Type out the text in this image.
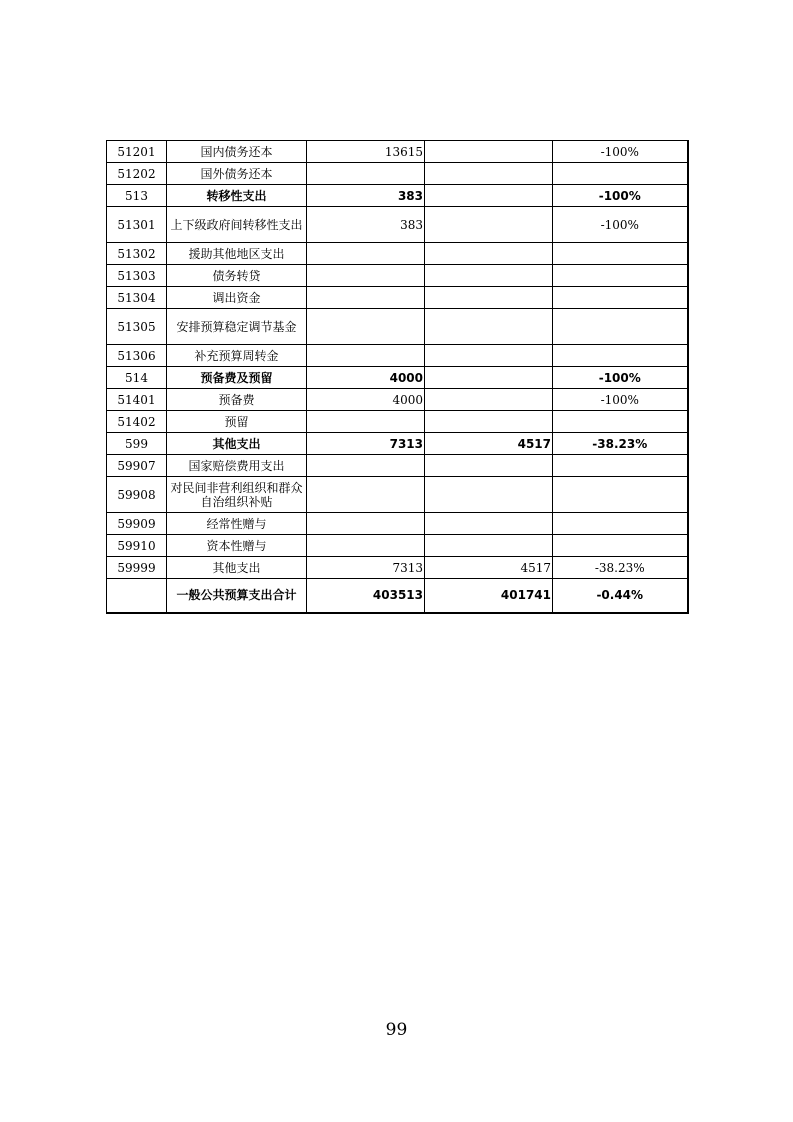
51201	国内债务还本	13615		-100%
51202	国外债务还本			
513	转移性支出	383		-100%
51301	上下级政府间转移性支出	383		-100%
51302	援助其他地区支出			
51303	债务转贷			
51304	调出资金			
51305	安排预算稳定调节基金			
51306	补充预算周转金			
514	预备费及预留	4000		-100%
51401	预备费	4000		-100%
51402	预留			
599	其他支出	7313	4517	-38.23%
59907	国家赔偿费用支出			
59908	对民间非营利组织和群众自治组织补贴			
59909	经常性赠与			
59910	资本性赠与			
59999	其他支出	7313	4517	-38.23%
	一般公共预算支出合计	403513	401741	-0.44%
99
